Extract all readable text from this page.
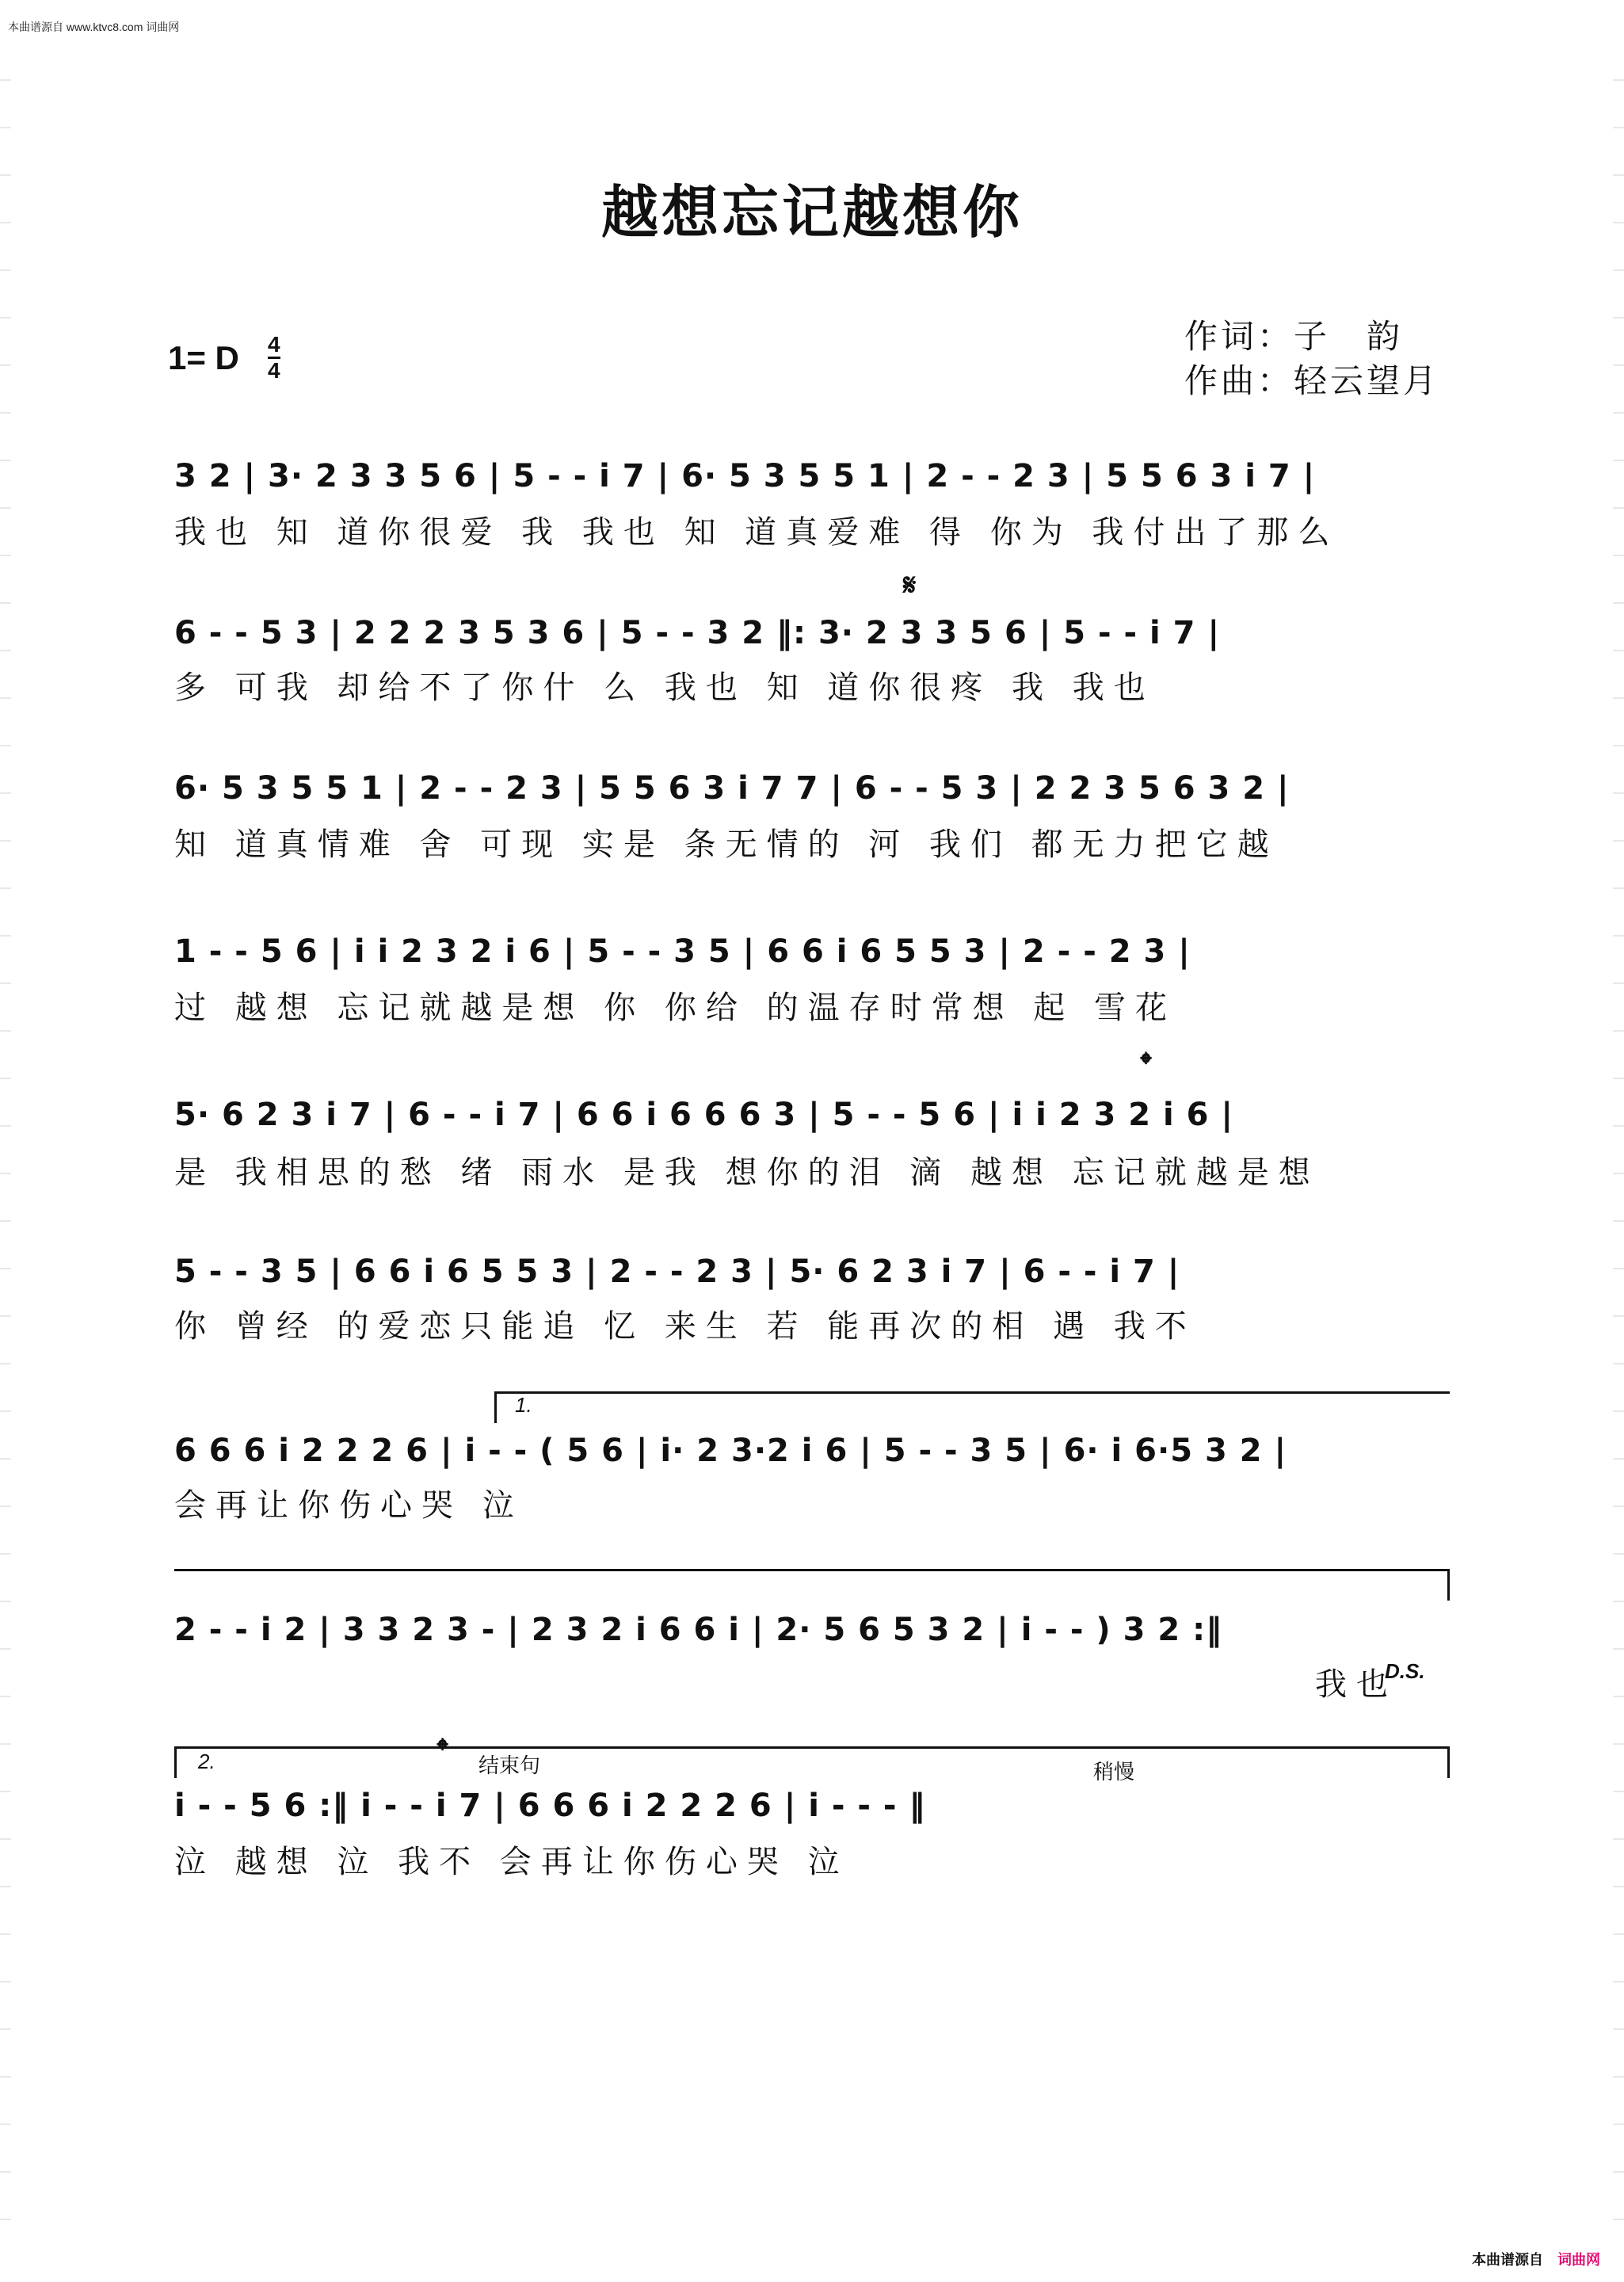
本曲谱源自 www.ktvc8.com 词曲网
越想忘记越想你
1= D 4
4
作词：子　韵
作曲：轻云望月
3 2 | 3· 2 3 3 5 6 | 5 - - i 7 | 6· 5 3 5 5 1 | 2 - - 2 3 | 5 5 6 3 i 7 |
我也 知 道你很爱 我 我也 知 道真爱难 得 你为 我付出了那么
𝄋
6 - - 5 3 | 2 2 2 3 5 3 6 | 5 - - 3 2 ‖: 3· 2 3 3 5 6 | 5 - - i 7 |
多 可我 却给不了你什 么 我也 知 道你很疼 我 我也
6· 5 3 5 5 1 | 2 - - 2 3 | 5 5 6 3 i 7 7 | 6 - - 5 3 | 2 2 3 5 6 3 2 |
知 道真情难 舍 可现 实是 条无情的 河 我们 都无力把它越
1 - - 5 6 | i i 2 3 2 i 6 | 5 - - 3 5 | 6 6 i 6 5 5 3 | 2 - - 2 3 |
过 越想 忘记就越是想 你 你给 的温存时常想 起 雪花
𝄌
5· 6 2 3 i 7 | 6 - - i 7 | 6 6 i 6 6 6 3 | 5 - - 5 6 | i i 2 3 2 i 6 |
是 我相思的愁 绪 雨水 是我 想你的泪 滴 越想 忘记就越是想
5 - - 3 5 | 6 6 i 6 5 5 3 | 2 - - 2 3 | 5· 6 2 3 i 7 | 6 - - i 7 |
你 曾经 的爱恋只能追 忆 来生 若 能再次的相 遇 我不
1.
6 6 6 i 2 2 2 6 | i - - ( 5 6 | i· 2 3·2 i 6 | 5 - - 3 5 | 6· i 6·5 3 2 |
会再让你伤心哭 泣
2 - - i 2 | 3 3 2 3 - | 2 3 2 i 6 6 i | 2· 5 6 5 3 2 | i - - ) 3 2 :‖
我也
D.S.
2.	𝄌 结束句	稍慢
i - - 5 6 :‖ i - - i 7 | 6 6 6 i 2 2 2 6 | i - - - ‖
泣 越想 泣 我不 会再让你伤心哭 泣
本曲谱源自 词曲网
